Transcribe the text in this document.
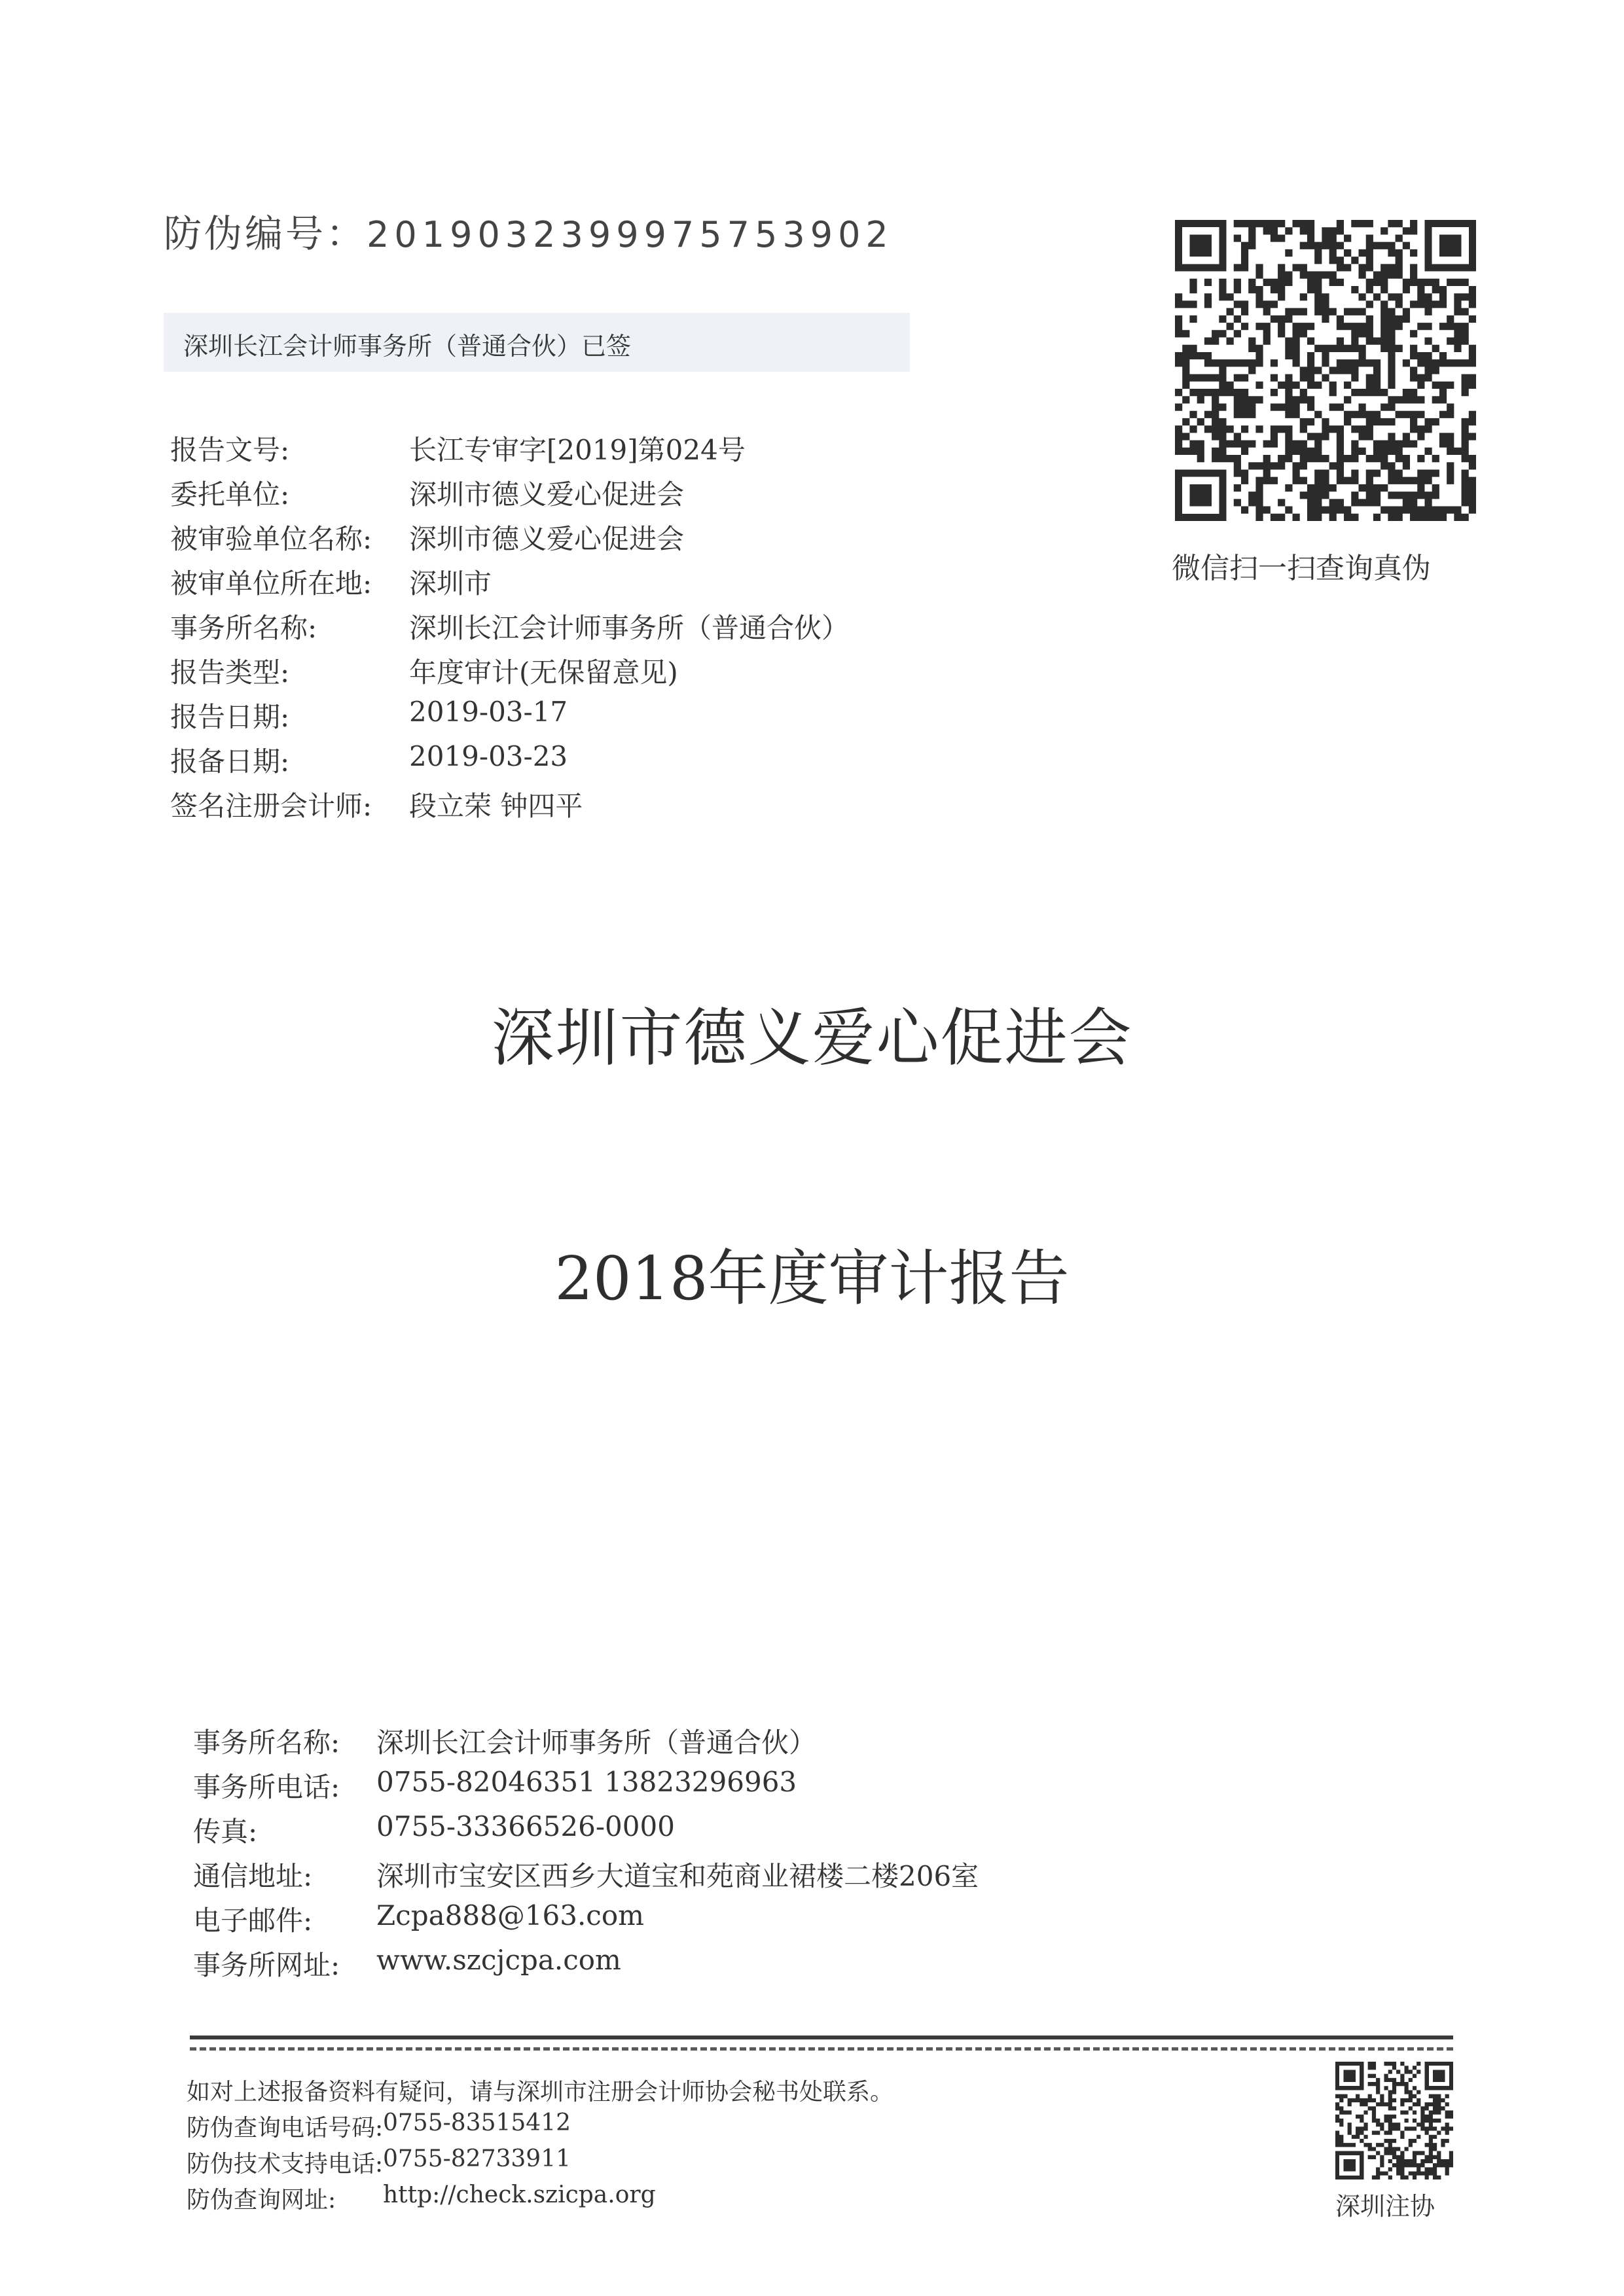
防伪编号：2019032399975753902
深圳长江会计师事务所（普通合伙）已签
报告文号:	长江专审字[2019]第024号
委托单位:	深圳市德义爱心促进会
被审验单位名称:	深圳市德义爱心促进会
被审单位所在地:	深圳市
事务所名称:	深圳长江会计师事务所（普通合伙）
报告类型:	年度审计(无保留意见)
报告日期:	2019-03-17
报备日期:	2019-03-23
签名注册会计师:	段立荣 钟四平
微信扫一扫查询真伪
深圳市德义爱心促进会
2018年度审计报告
事务所名称:	深圳长江会计师事务所（普通合伙）
事务所电话:	0755-82046351 13823296963
传真:	0755-33366526-0000
通信地址:	深圳市宝安区西乡大道宝和苑商业裙楼二楼206室
电子邮件:	Zcpa888@163.com
事务所网址:	www.szcjcpa.com
如对上述报备资料有疑问，请与深圳市注册会计师协会秘书处联系。
防伪查询电话号码: 0755-83515412
防伪技术支持电话: 0755-82733911
防伪查询网址:	http://check.szicpa.org	深圳注协
